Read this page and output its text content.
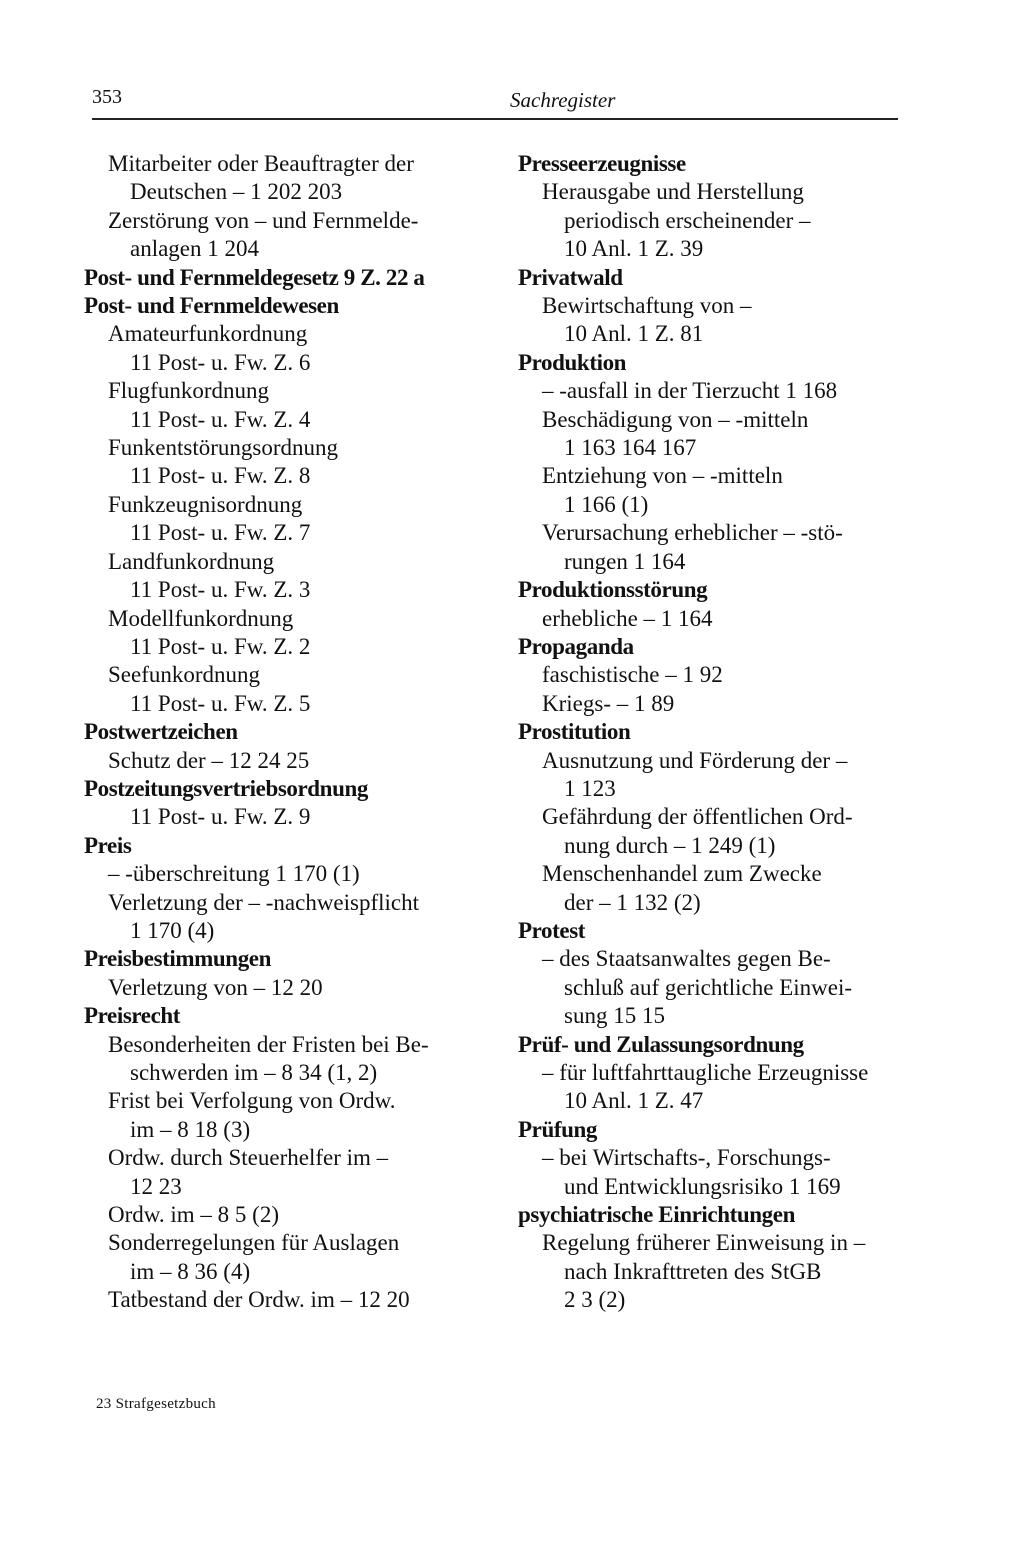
353	Sachregister

Mitarbeiter oder Beauftragter der

Deutschen – 1 202 203

Zerstörung von – und Fernmelde-

anlagen 1 204

Post- und Fernmeldegesetz 9 Z. 22 a

Post- und Fernmeldewesen

Amateurfunkordnung

11 Post- u. Fw. Z. 6

Flugfunkordnung

11 Post- u. Fw. Z. 4

Funkentstörungsordnung

11 Post- u. Fw. Z. 8

Funkzeugnisordnung

11 Post- u. Fw. Z. 7

Landfunkordnung

11 Post- u. Fw. Z. 3

Modellfunkordnung

11 Post- u. Fw. Z. 2

Seefunkordnung

11 Post- u. Fw. Z. 5

Postwertzeichen

Schutz der – 12 24 25

Postzeitungsvertriebsordnung

11 Post- u. Fw. Z. 9

Preis

– -überschreitung 1 170 (1)

Verletzung der – -nachweispflicht

1 170 (4)

Preisbestimmungen

Verletzung von – 12 20

Preisrecht

Besonderheiten der Fristen bei Be-

schwerden im – 8 34 (1, 2)

Frist bei Verfolgung von Ordw.

im – 8 18 (3)

Ordw. durch Steuerhelfer im –

12 23

Ordw. im – 8 5 (2)

Sonderregelungen für Auslagen

im – 8 36 (4)

Tatbestand der Ordw. im – 12 20

Presseerzeugnisse

Herausgabe und Herstellung

periodisch erscheinender –

10 Anl. 1 Z. 39

Privatwald

Bewirtschaftung von –

10 Anl. 1 Z. 81

Produktion

– -ausfall in der Tierzucht 1 168

Beschädigung von – -mitteln

1 163 164 167

Entziehung von – -mitteln

1 166 (1)

Verursachung erheblicher – -stö-

rungen 1 164

Produktionsstörung

erhebliche – 1 164

Propaganda

faschistische – 1 92

Kriegs- – 1 89

Prostitution

Ausnutzung und Förderung der –

1 123

Gefährdung der öffentlichen Ord-

nung durch – 1 249 (1)

Menschenhandel zum Zwecke

der – 1 132 (2)

Protest

– des Staatsanwaltes gegen Be-

schluß auf gerichtliche Einwei-

sung 15 15

Prüf- und Zulassungsordnung

– für luftfahrttaugliche Erzeugnisse

10 Anl. 1 Z. 47

Prüfung

– bei Wirtschafts-, Forschungs-

und Entwicklungsrisiko 1 169

psychiatrische Einrichtungen

Regelung früherer Einweisung in –

nach Inkrafttreten des StGB

2 3 (2)

23 Strafgesetzbuch
